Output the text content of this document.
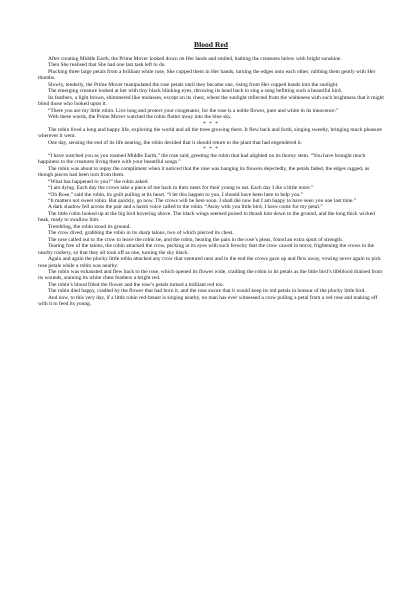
Blood Red

After creating Middle Earth, the Prime Mover looked down on Her lands and smiled, bathing the creatures below with bright sunshine.

Then She realised that She had one last task left to do.

Plucking three large petals from a brilliant white rose, She cupped them in Her hands, turning the edges onto each other, rubbing them gently with Her thumbs.

Slowly, tenderly, the Prime Mover manipulated the rose petals until they became one, rising from Her cupped hands into the sunlight.

The emerging creature looked at her with tiny black blinking eyes, throwing its head back to sing a song befitting such a beautiful bird.

Its feathers, a light brown, shimmered like molasses, except on its chest, where the sunlight reflected from the whiteness with such brightness that it might blind those who looked upon it.

“There you are my little robin. Live long and protect your congenator, for the rose is a noble flower, pure and white in its innocence.”

With these words, the Prime Mover watched the robin flutter away into the blue sky.

* * *

The robin lived a long and happy life, exploring the world and all the trees growing there. It flew back and forth, singing sweetly, bringing much pleasure wherever it went.

One day, sensing the end of its life nearing, the robin decided that it should return to the plant that had engendered it.

* * *

“I have watched you as you roamed Middle Earth,” the rose said, greeting the robin that had alighted on its thorny stem. “You have brought much happiness to the creatures living there with your beautiful songs.”

The robin was about to repay the compliment when it noticed that the rose was hanging its flowers dejectedly, the petals faded, the edges ragged, as though pieces had been torn from them.

“What has happened to you?” the robin asked.

“I am dying. Each day the crows take a piece of me back to their nests for their young to eat. Each day I die a little more.”

“Oh Rose,” said the robin, its guilt pulling at its heart. “I let this happen to you. I should have been here to help you.”

“It matters not sweet robin. But quickly, go now. The crows will be here soon. I shall die now but I am happy to have seen you one last time.”

A dark shadow fell across the pair and a harsh voice called to the robin. “Away with you little bird. I have come for my petal.”

The little robin looked up at the big bird hovering above. The black wings seemed poised to thrash him down to the ground, and the long thick wicked beak, ready to swallow him.

Trembling, the robin stood its ground.

The crow dived, grabbing the robin in its sharp talons, two of which pierced its chest.

The rose called out to the crow to leave the robin be, and the robin, hearing the pain in the rose’s pleas, found an extra spurt of strength.

Tearing free of the talons, the robin attacked the crow, pecking at its eyes with such ferocity that the crow cawed in terror, frightening the crows in the nearby rookery, so that they all took off as one, turning the sky black.

Again and again the plucky little robin attacked any crow that ventured near and in the end the crows gave up and flew away, vowing never again to pick rose petals while a robin was nearby.

The robin was exhausted and flew back to the rose, which opened its flower wide, cradling the robin in its petals as the little bird’s lifeblood drained from its wounds, staining its white chest feathers a bright red.

The robin’s blood filled the flower and the rose’s petals turned a brilliant red too.

The robin died happy, cradled by the flower that had born it, and the rose swore that it would keep its red petals in honour of the plucky little bird.

And now, to this very day, if a little robin red-breast is singing nearby, no man has ever witnessed a crow pulling a petal from a red rose and making off with it to feed its young.
